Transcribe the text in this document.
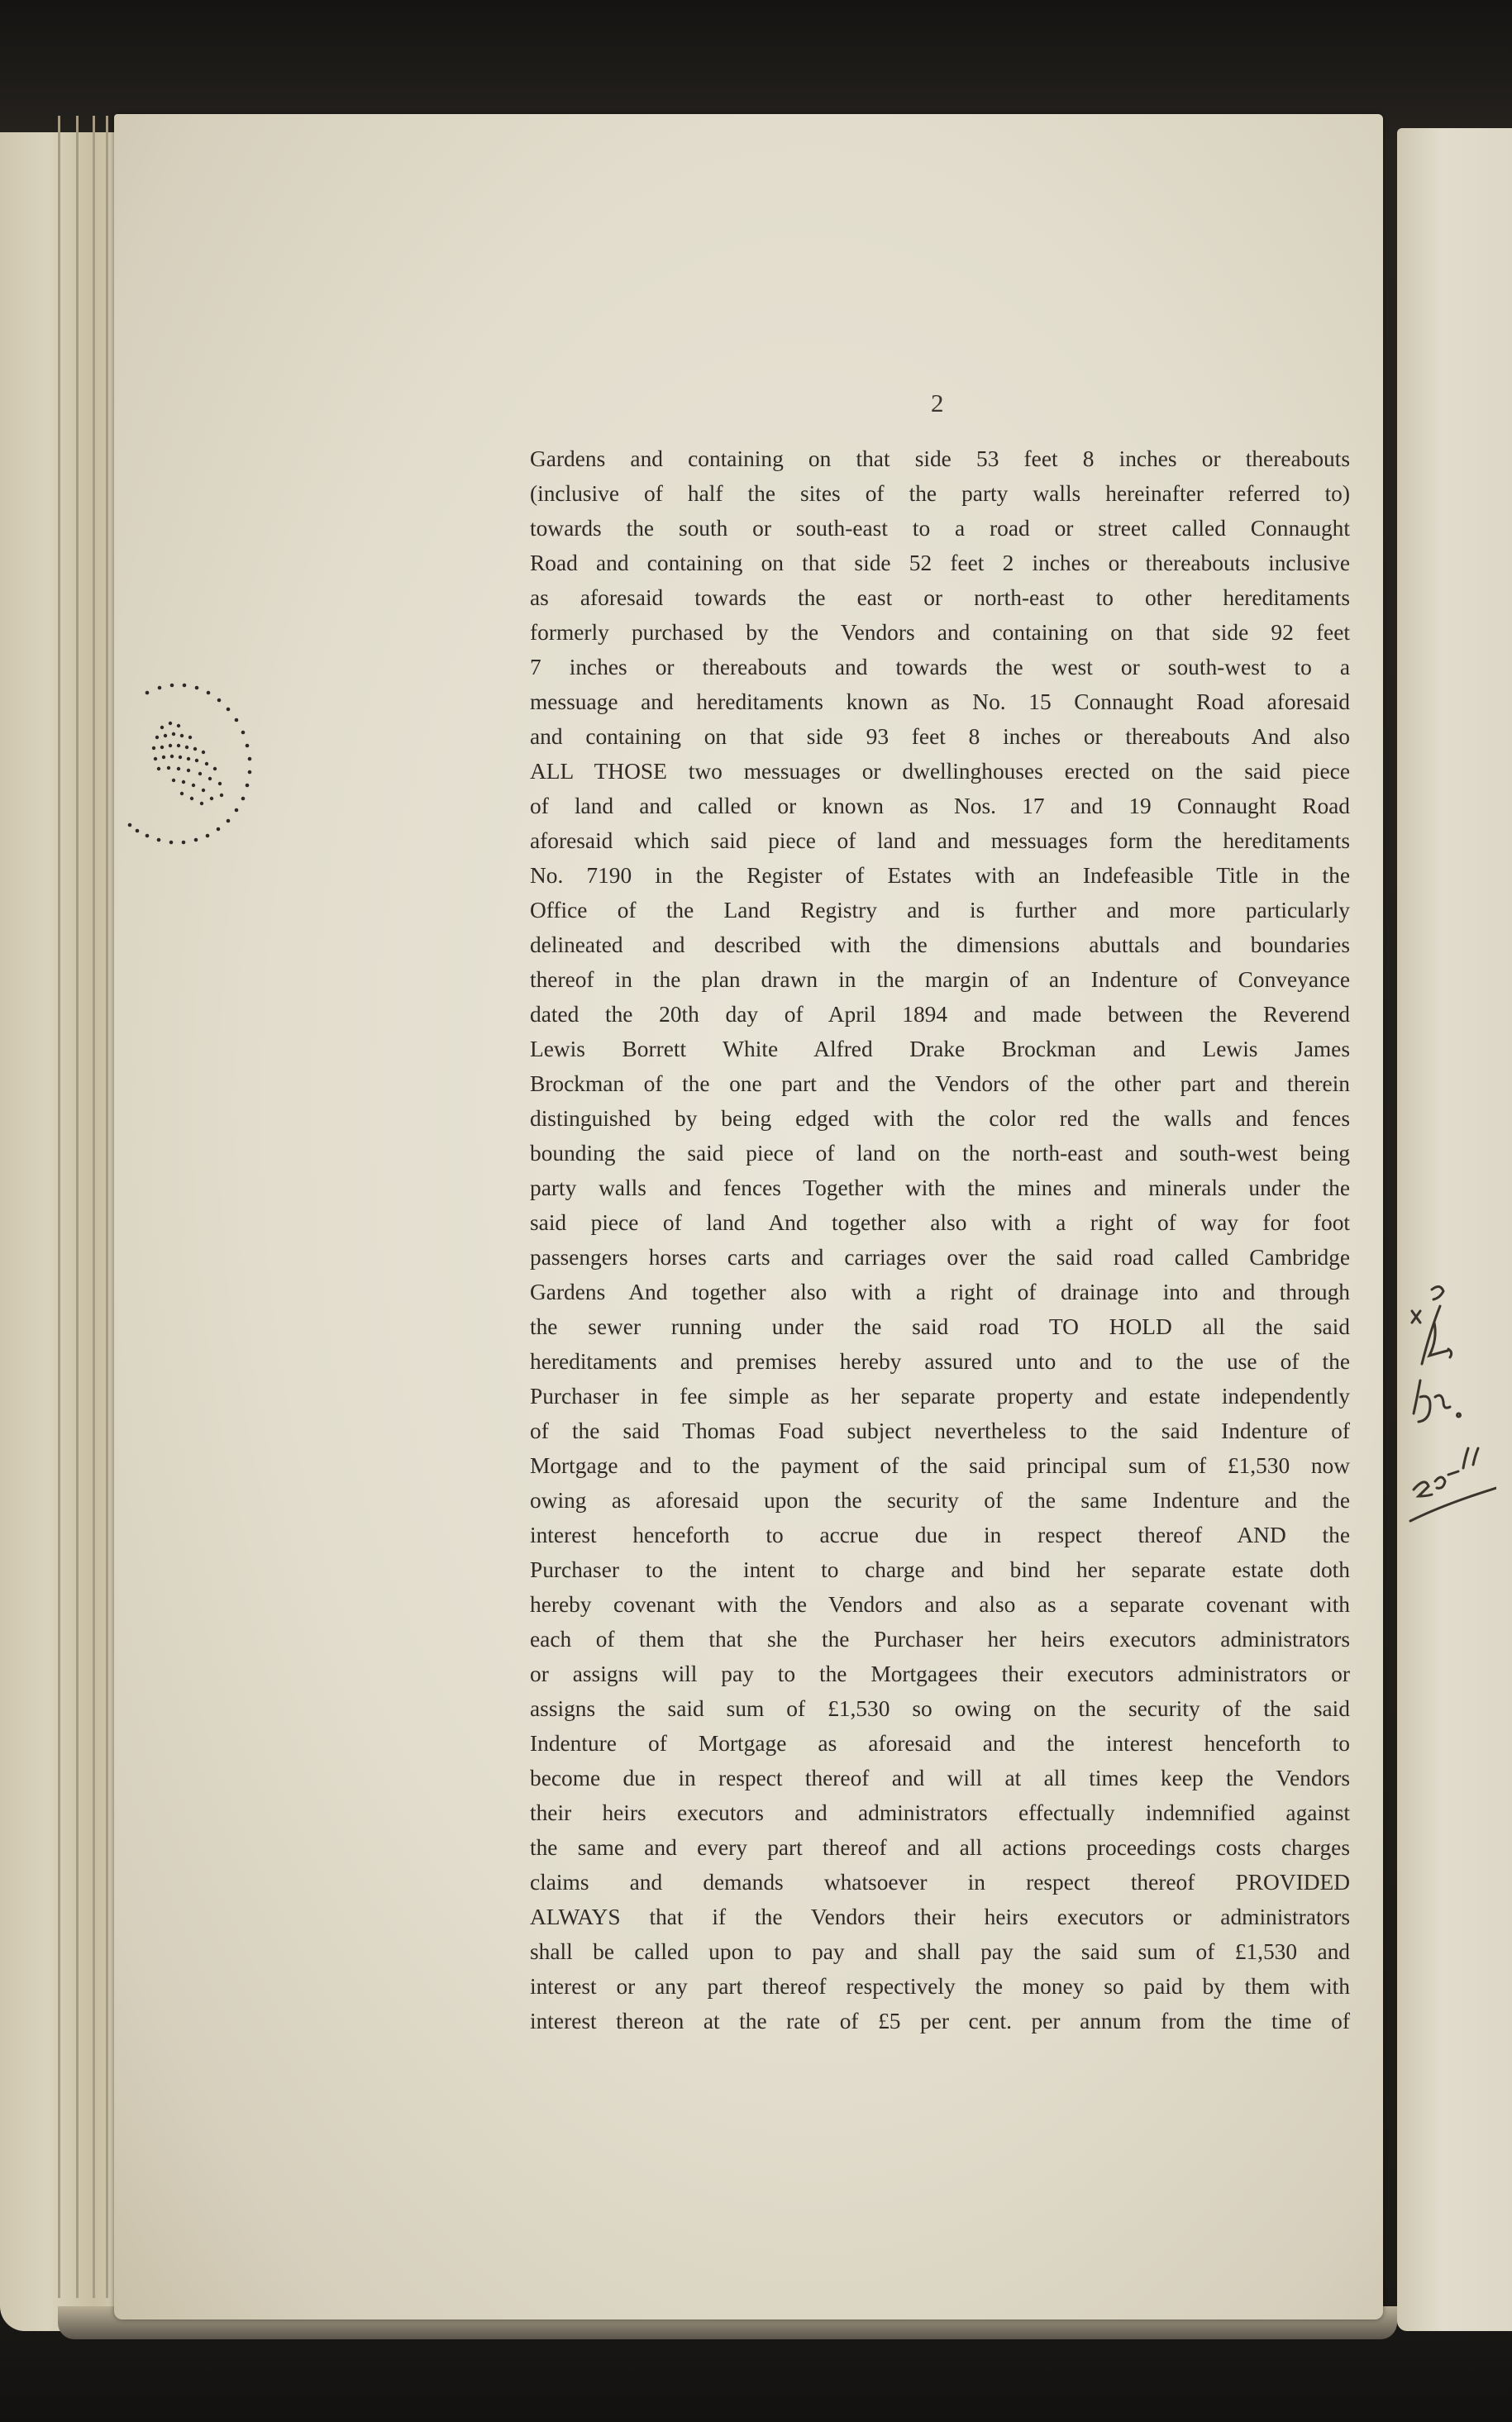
2
Gardens and containing on that side 53 feet 8 inches or thereabouts
(inclusive of half the sites of the party walls hereinafter referred to)
towards the south or south-east to a road or street called Connaught
Road and containing on that side 52 feet 2 inches or thereabouts inclusive
as aforesaid towards the east or north-east to other hereditaments
formerly purchased by the Vendors and containing on that side 92 feet
7 inches or thereabouts and towards the west or south-west to a
messuage and hereditaments known as No. 15 Connaught Road aforesaid
and containing on that side 93 feet 8 inches or thereabouts And also
ALL THOSE two messuages or dwellinghouses erected on the said piece
of land and called or known as Nos. 17 and 19 Connaught Road
aforesaid which said piece of land and messuages form the hereditaments
No. 7190 in the Register of Estates with an Indefeasible Title in the
Office of the Land Registry and is further and more particularly
delineated and described with the dimensions abuttals and boundaries
thereof in the plan drawn in the margin of an Indenture of Conveyance
dated the 20th day of April 1894 and made between the Reverend
Lewis Borrett White Alfred Drake Brockman and Lewis James
Brockman of the one part and the Vendors of the other part and therein
distinguished by being edged with the color red the walls and fences
bounding the said piece of land on the north-east and south-west being
party walls and fences Together with the mines and minerals under the
said piece of land And together also with a right of way for foot
passengers horses carts and carriages over the said road called Cambridge
Gardens And together also with a right of drainage into and through
the sewer running under the said road TO HOLD all the said
hereditaments and premises hereby assured unto and to the use of the
Purchaser in fee simple as her separate property and estate independently
of the said Thomas Foad subject nevertheless to the said Indenture of
Mortgage and to the payment of the said principal sum of £1,530 now
owing as aforesaid upon the security of the same Indenture and the
interest henceforth to accrue due in respect thereof AND the
Purchaser to the intent to charge and bind her separate estate doth
hereby covenant with the Vendors and also as a separate covenant with
each of them that she the Purchaser her heirs executors administrators
or assigns will pay to the Mortgagees their executors administrators or
assigns the said sum of £1,530 so owing on the security of the said
Indenture of Mortgage as aforesaid and the interest henceforth to
become due in respect thereof and will at all times keep the Vendors
their heirs executors and administrators effectually indemnified against
the same and every part thereof and all actions proceedings costs charges
claims and demands whatsoever in respect thereof PROVIDED
ALWAYS that if the Vendors their heirs executors or administrators
shall be called upon to pay and shall pay the said sum of £1,530 and
interest or any part thereof respectively the money so paid by them with
interest thereon at the rate of £5 per cent. per annum from the time of
